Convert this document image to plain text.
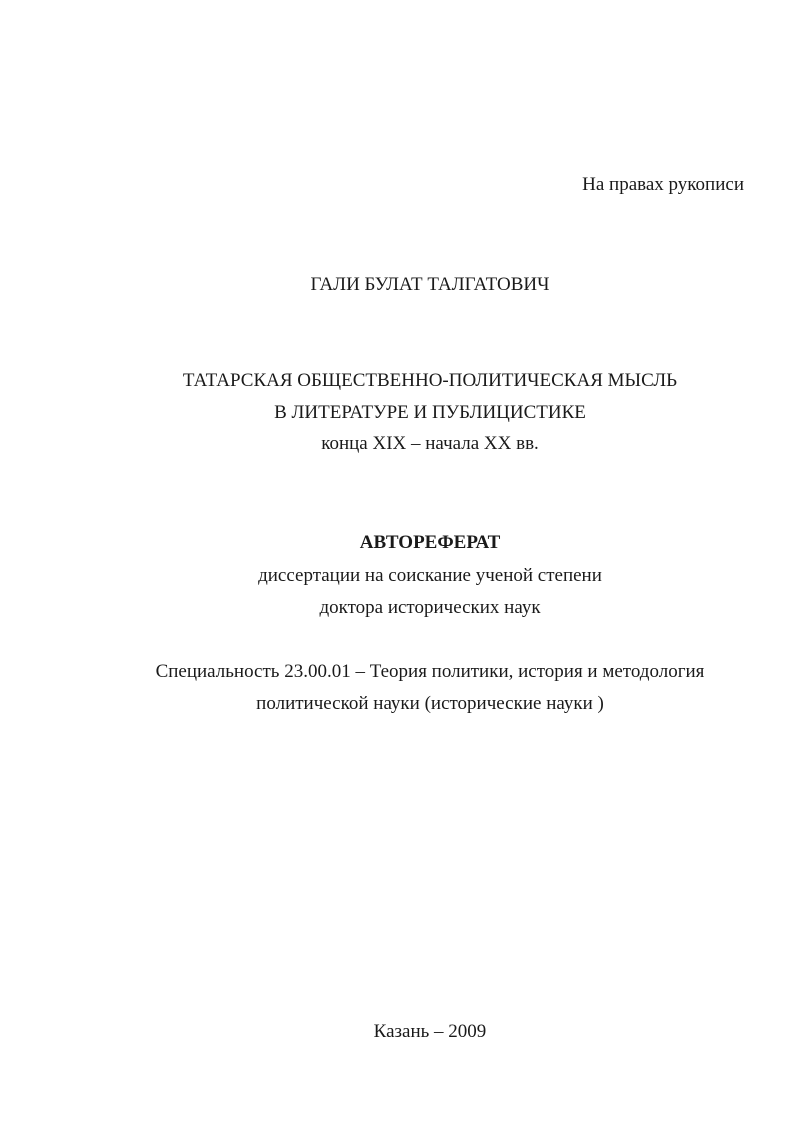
На правах рукописи
ГАЛИ БУЛАТ ТАЛГАТОВИЧ
ТАТАРСКАЯ ОБЩЕСТВЕННО-ПОЛИТИЧЕСКАЯ МЫСЛЬ
В ЛИТЕРАТУРЕ И ПУБЛИЦИСТИКЕ
конца XIX – начала XX вв.
АВТОРЕФЕРАТ
диссертации на соискание ученой степени
доктора исторических наук
Специальность 23.00.01 – Теория политики, история и методология
политической науки (исторические науки )
Казань – 2009
